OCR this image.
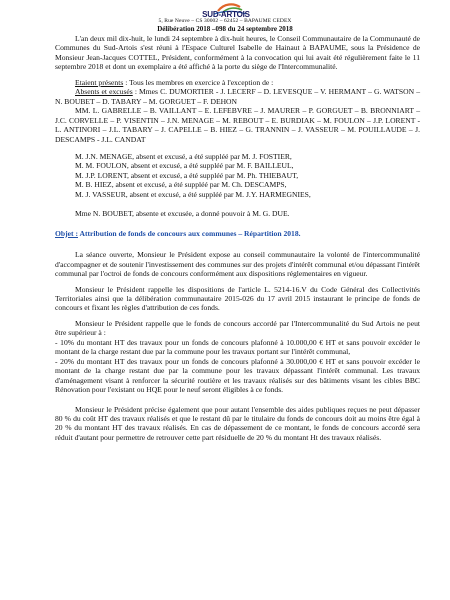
SUD-ARTOIS
5, Rue Neuve – CS 30002 – 62452 – BAPAUME CEDEX
Délibération 2018 –098 du 24 septembre 2018

L'an deux mil dix-huit, le lundi 24 septembre à dix-huit heures, le Conseil Communautaire de la Communauté de Communes du Sud-Artois s'est réuni à l'Espace Culturel Isabelle de Hainaut à BAPAUME, sous la Présidence de Monsieur Jean-Jacques COTTEL, Président, conformément à la convocation qui lui avait été régulièrement faite le 11 septembre 2018 et dont un exemplaire a été affiché à la porte du siège de l'Intercommunalité.

Etaient présents : Tous les membres en exercice à l'exception de :

Absents et excusés : Mmes C. DUMORTIER - J. LECERF – D. LEVESQUE – V. HERMANT – G. WATSON – N. BOUBET – D. TABARY – M. GORGUET – F. DEHON

MM. L. GABRELLE – B. VAILLANT – E. LEFEBVRE – J. MAURER – P. GORGUET – B. BRONNIART – J.C. CORVELLE – P. VISENTIN – J.N. MENAGE – M. REBOUT – E. BURDIAK – M. FOULON – J.P. LORENT - L. ANTINORI – J.L. TABARY – J. CAPELLE – B. HIEZ – G. TRANNIN – J. VASSEUR – M. POUILLAUDE – J. DESCAMPS - J.L. CANDAT

M. J.N. MENAGE, absent et excusé, a été suppléé par M. J. FOSTIER,

M. M. FOULON, absent et excusé, a été suppléé par M. F. BAILLEUL,

M. J.P. LORENT, absent et excusé, a été suppléé par M. Ph. THIEBAUT,

M. B. HIEZ, absent et excusé, a été suppléé par M. Ch. DESCAMPS,

M. J. VASSEUR, absent et excusé, a été suppléé par M. J.Y. HARMEGNIES,

Mme N. BOUBET, absente et excusée, a donné pouvoir à M. G. DUE.

Objet : Attribution de fonds de concours aux communes – Répartition 2018.

La séance ouverte, Monsieur le Président expose au conseil communautaire la volonté de l'intercommunalité d'accompagner et de soutenir l'investissement des communes sur des projets d'intérêt communal et/ou dépassant l'intérêt communal par l'octroi de fonds de concours conformément aux dispositions réglementaires en vigueur.

Monsieur le Président rappelle les dispositions de l'article L. 5214-16.V du Code Général des Collectivités Territoriales ainsi que la délibération communautaire 2015-026 du 17 avril 2015 instaurant le principe de fonds de concours et fixant les règles d'attribution de ces fonds.

Monsieur le Président rappelle que le fonds de concours accordé par l'Intercommunalité du Sud Artois ne peut être supérieur à :

- 10% du montant HT des travaux pour un fonds de concours plafonné à 10.000,00 € HT et sans pouvoir excéder le montant de la charge restant due par la commune pour les travaux portant sur l'intérêt communal,

- 20% du montant HT des travaux pour un fonds de concours plafonné à 30.000,00 € HT et sans pouvoir excéder le montant de la charge restant due par la commune pour les travaux dépassant l'intérêt communal. Les travaux d'aménagement visant à renforcer la sécurité routière et les travaux réalisés sur des bâtiments visant les cibles BBC Rénovation pour l'existant ou HQE pour le neuf seront éligibles à ce fonds.

Monsieur le Président précise également que pour autant l'ensemble des aides publiques reçues ne peut dépasser 80 % du coût HT des travaux réalisés et que le restant dû par le titulaire du fonds de concours doit au moins être égal à 20 % du montant HT des travaux réalisés. En cas de dépassement de ce montant, le fonds de concours accordé sera réduit d'autant pour permettre de retrouver cette part résiduelle de 20 % du montant Ht des travaux réalisés.
